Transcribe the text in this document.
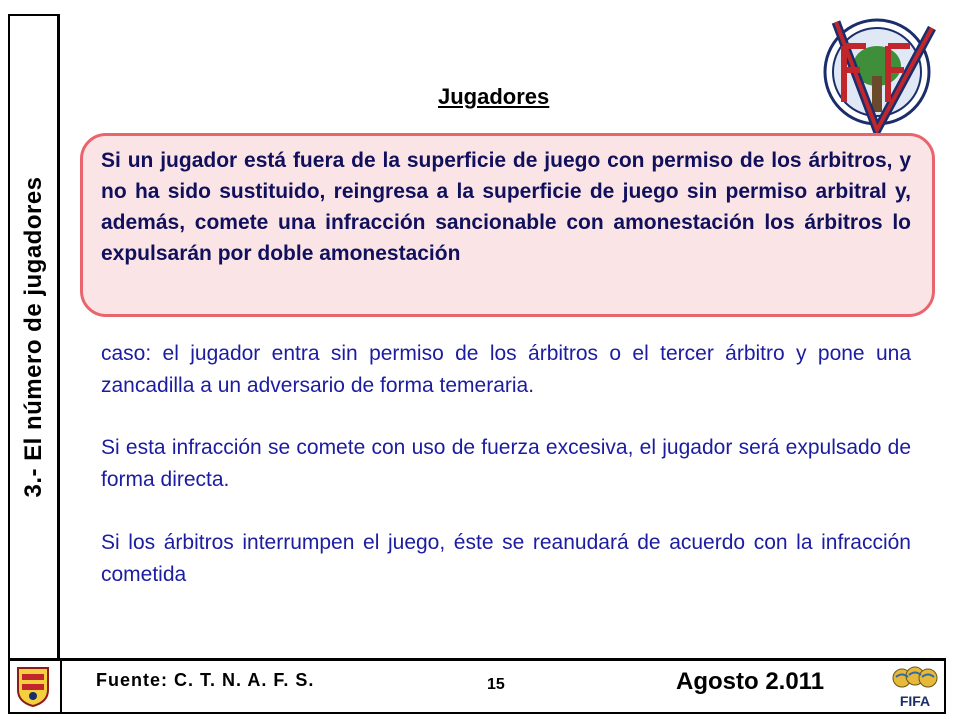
3.- El número de jugadores
Jugadores

Si un jugador está fuera de la superficie de juego con permiso de los árbitros, y no ha sido sustituido, reingresa a la superficie de juego sin permiso arbitral y, además, comete una infracción sancionable con amonestación los árbitros lo expulsarán por doble amonestación

caso: el jugador entra sin permiso de los árbitros o el tercer árbitro y pone una zancadilla a un adversario de forma temeraria.

Si esta infracción se comete con uso de fuerza excesiva, el jugador será expulsado de forma directa.

Si los árbitros interrumpen el juego, éste se reanudará de acuerdo con la infracción cometida

Fuente: C. T. N. A. F. S.	15	Agosto 2.011
FIFA
